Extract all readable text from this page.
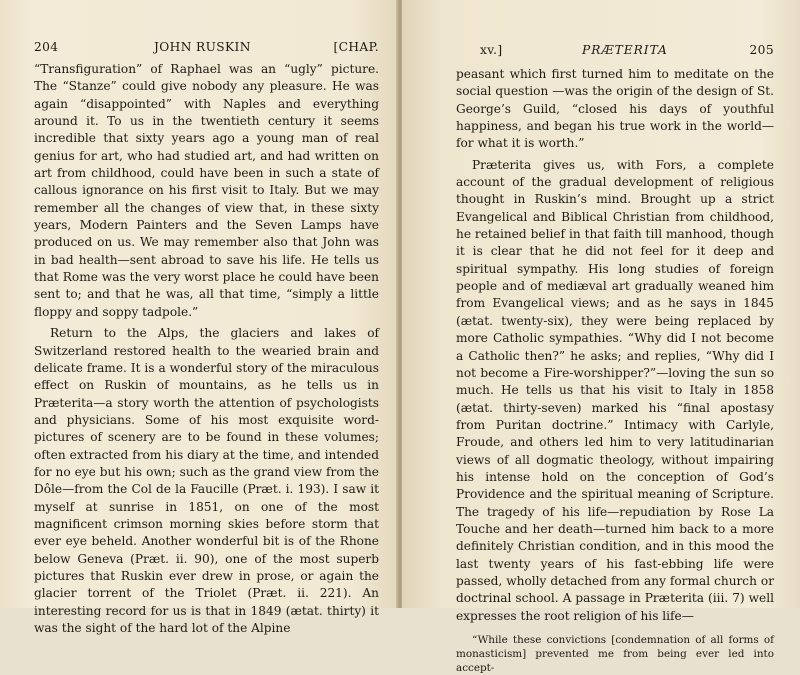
204	JOHN RUSKIN	[CHAP.

“Transfiguration” of Raphael was an “ugly” picture. The “Stanze” could give nobody any pleasure. He was again “disappointed” with Naples and everything around it. To us in the twentieth century it seems incredible that sixty years ago a young man of real genius for art, who had studied art, and had written on art from childhood, could have been in such a state of callous ignorance on his first visit to Italy. But we may remember all the changes of view that, in these sixty years, Modern Painters and the Seven Lamps have produced on us. We may remember also that John was in bad health—sent abroad to save his life. He tells us that Rome was the very worst place he could have been sent to; and that he was, all that time, “simply a little floppy and soppy tadpole.”

Return to the Alps, the glaciers and lakes of Switzerland restored health to the wearied brain and delicate frame. It is a wonderful story of the miraculous effect on Ruskin of mountains, as he tells us in Præterita—a story worth the attention of psychologists and physicians. Some of his most exquisite word-pictures of scenery are to be found in these volumes; often extracted from his diary at the time, and intended for no eye but his own; such as the grand view from the Dôle—from the Col de la Faucille (Præt. i. 193). I saw it myself at sunrise in 1851, on one of the most magnificent crimson morning skies before storm that ever eye beheld. Another wonderful bit is of the Rhone below Geneva (Præt. ii. 90), one of the most superb pictures that Ruskin ever drew in prose, or again the glacier torrent of the Triolet (Præt. ii. 221). An interesting record for us is that in 1849 (ætat. thirty) it was the sight of the hard lot of the Alpine

xv.]	PRÆTERITA	205

peasant which first turned him to meditate on the social question —was the origin of the design of St. George’s Guild, “closed his days of youthful happiness, and began his true work in the world—for what it is worth.”

Præterita gives us, with Fors, a complete account of the gradual development of religious thought in Ruskin’s mind. Brought up a strict Evangelical and Biblical Christian from childhood, he retained belief in that faith till manhood, though it is clear that he did not feel for it deep and spiritual sympathy. His long studies of foreign people and of mediæval art gradually weaned him from Evangelical views; and as he says in 1845 (ætat. twenty-six), they were being replaced by more Catholic sympathies. “Why did I not become a Catholic then?” he asks; and replies, “Why did I not become a Fire-worshipper?”—loving the sun so much. He tells us that his visit to Italy in 1858 (ætat. thirty-seven) marked his “final apostasy from Puritan doctrine.” Intimacy with Carlyle, Froude, and others led him to very latitudinarian views of all dogmatic theology, without impairing his intense hold on the conception of God’s Providence and the spiritual meaning of Scripture. The tragedy of his life—repudiation by Rose La Touche and her death—turned him back to a more definitely Christian condition, and in this mood the last twenty years of his fast-ebbing life were passed, wholly detached from any formal church or doctrinal school. A passage in Præterita (iii. 7) well expresses the root religion of his life—

“While these convictions [condemnation of all forms of monasticism] prevented me from being ever led into accept-
